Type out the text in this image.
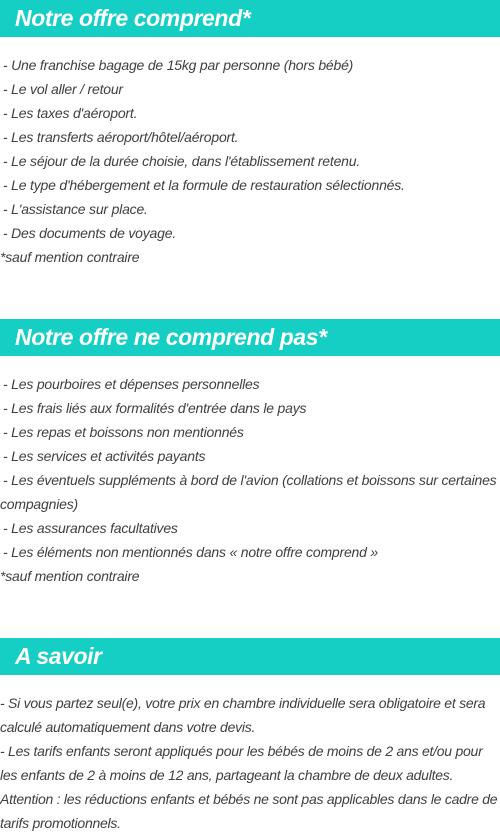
Notre offre comprend*
- Une franchise bagage de 15kg par personne (hors bébé)
- Le vol aller / retour
- Les taxes d'aéroport.
- Les transferts aéroport/hôtel/aéroport.
- Le séjour de la durée choisie, dans l'établissement retenu.
- Le type d'hébergement et la formule de restauration sélectionnés.
- L'assistance sur place.
- Des documents de voyage.
*sauf mention contraire
Notre offre ne comprend pas*
- Les pourboires et dépenses personnelles
- Les frais liés aux formalités d'entrée dans le pays
- Les repas et boissons non mentionnés
- Les services et activités payants
- Les éventuels suppléments à bord de l'avion (collations et boissons sur certaines compagnies)
- Les assurances facultatives
- Les éléments non mentionnés dans « notre offre comprend »
*sauf mention contraire
A savoir

- Si vous partez seul(e), votre prix en chambre individuelle sera obligatoire et sera calculé automatiquement dans votre devis.

- Les tarifs enfants seront appliqués pour les bébés de moins de 2 ans et/ou pour les enfants de 2 à moins de 12 ans, partageant la chambre de deux adultes.

Attention : les réductions enfants et bébés ne sont pas applicables dans le cadre de tarifs promotionnels.
